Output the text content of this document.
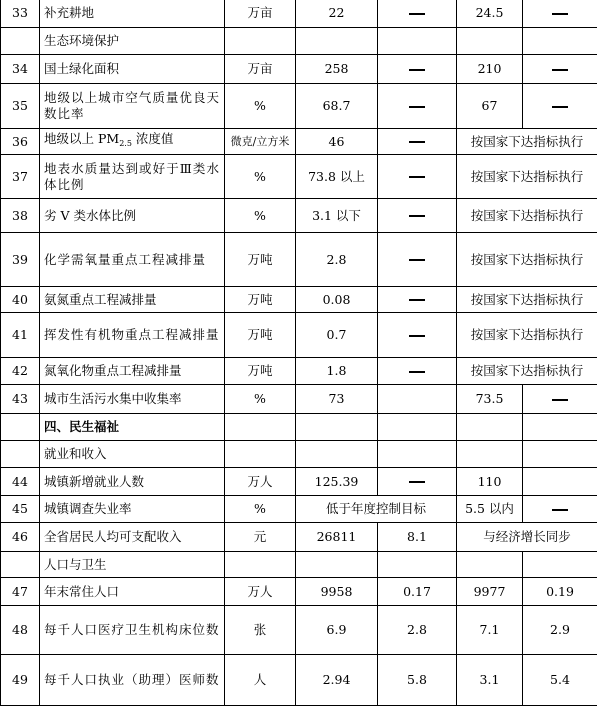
33	补充耕地	万亩	22		24.5	
	生态环境保护					
34	国土绿化面积	万亩	258		210	
35	地级以上城市空气质量优良天数比率	%	68.7		67	
36	地级以上 $PM_{2.5}$ 浓度值	微克/立方米	46		按国家下达指标执行	
37	地表水质量达到或好于Ⅲ类水体比例	%	73.8 以上		按国家下达指标执行	
38	劣 V 类水体比例	%	3.1 以下		按国家下达指标执行	
39	化学需氧量重点工程减排量	万吨	2.8		按国家下达指标执行	
40	氨氮重点工程减排量	万吨	0.08		按国家下达指标执行	
41	挥发性有机物重点工程减排量	万吨	0.7		按国家下达指标执行	
42	氮氧化物重点工程减排量	万吨	1.8		按国家下达指标执行	
43	城市生活污水集中收集率	%	73		73.5	
	四、民生福祉					
	就业和收入					
44	城镇新增就业人数	万人	125.39		110	
45	城镇调查失业率	%	低于年度控制目标		5.5 以内	
46	全省居民人均可支配收入	元	26811	8.1	与经济增长同步	
	人口与卫生					
47	年末常住人口	万人	9958	0.17	9977	0.19
48	每千人口医疗卫生机构床位数	张	6.9	2.8	7.1	2.9
49	每千人口执业（助理）医师数	人	2.94	5.8	3.1	5.4
